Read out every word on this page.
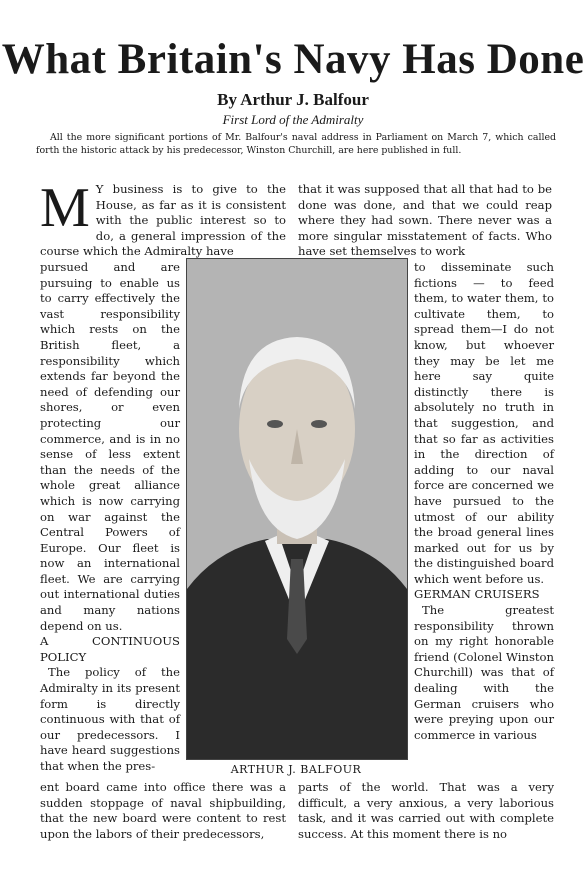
What Britain's Navy Has Done
By Arthur J. Balfour
First Lord of the Admiralty
All the more significant portions of Mr. Balfour's naval address in Parliament on March 7, which called forth the historic attack by his predecessor, Winston Churchill, are here published in full.
M Y business is to give to the House, as far as it is consistent with the public interest so to do, a general impression of the course which the Admiralty have

that it was supposed that all that had to be done was done, and that we could reap where they had sown. There never was a more singular misstatement of facts. Who have set themselves to work

pursued and are pursuing to enable us to carry effectively the vast responsibility which rests on the British fleet, a responsibility which extends far beyond the need of defending our shores, or even protecting our commerce, and is in no sense of less extent than the needs of the whole great alliance which is now carrying on war against the Central Powers of Europe. Our fleet is now an international fleet. We are carrying out international duties and many nations depend on us.

A CONTINUOUS POLICY

The policy of the Admiralty in its present form is directly continuous with that of our predecessors. I have heard suggestions that when the pres-	ARTHUR J. BALFOUR

to disseminate such fictions — to feed them, to water them, to cultivate them, to spread them—I do not know, but whoever they may be let me here say quite distinctly there is absolutely no truth in that suggestion, and that so far as activities in the direction of adding to our naval force are concerned we have pursued to the utmost of our ability the broad general lines marked out for us by the distinguished board which went before us.

GERMAN CRUISERS

The greatest responsibility thrown on my right honorable friend (Colonel Winston Churchill) was that of dealing with the German cruisers who were preying upon our commerce in various

ent board came into office there was a sudden stoppage of naval shipbuilding, that the new board were content to rest upon the labors of their predecessors,

parts of the world. That was a very difficult, a very anxious, a very laborious task, and it was carried out with complete success. At this moment there is no
